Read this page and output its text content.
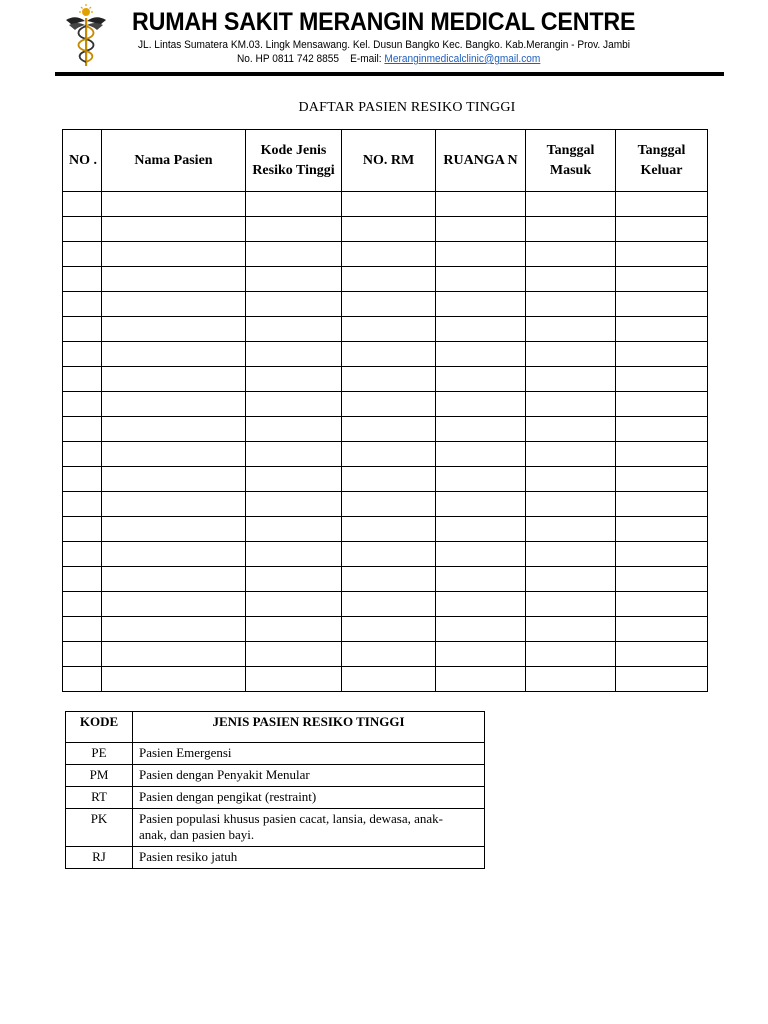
RUMAH SAKIT MERANGIN MEDICAL CENTRE
JL. Lintas Sumatera KM.03. Lingk Mensawang. Kel. Dusun Bangko Kec. Bangko. Kab.Merangin - Prov. Jambi
No. HP 0811 742 8855 E-mail: Meranginmedicalclinic@gmail.com
DAFTAR PASIEN RESIKO TINGGI
NO .	Nama Pasien	Kode Jenis Resiko Tinggi	NO. RM	RUANGA N	Tanggal Masuk	Tanggal Keluar

KODE	JENIS PASIEN RESIKO TINGGI
PE	Pasien Emergensi
PM	Pasien dengan Penyakit Menular
RT	Pasien dengan pengikat (restraint)
PK	Pasien populasi khusus pasien cacat, lansia, dewasa, anak-anak, dan pasien bayi.
RJ	Pasien resiko jatuh
